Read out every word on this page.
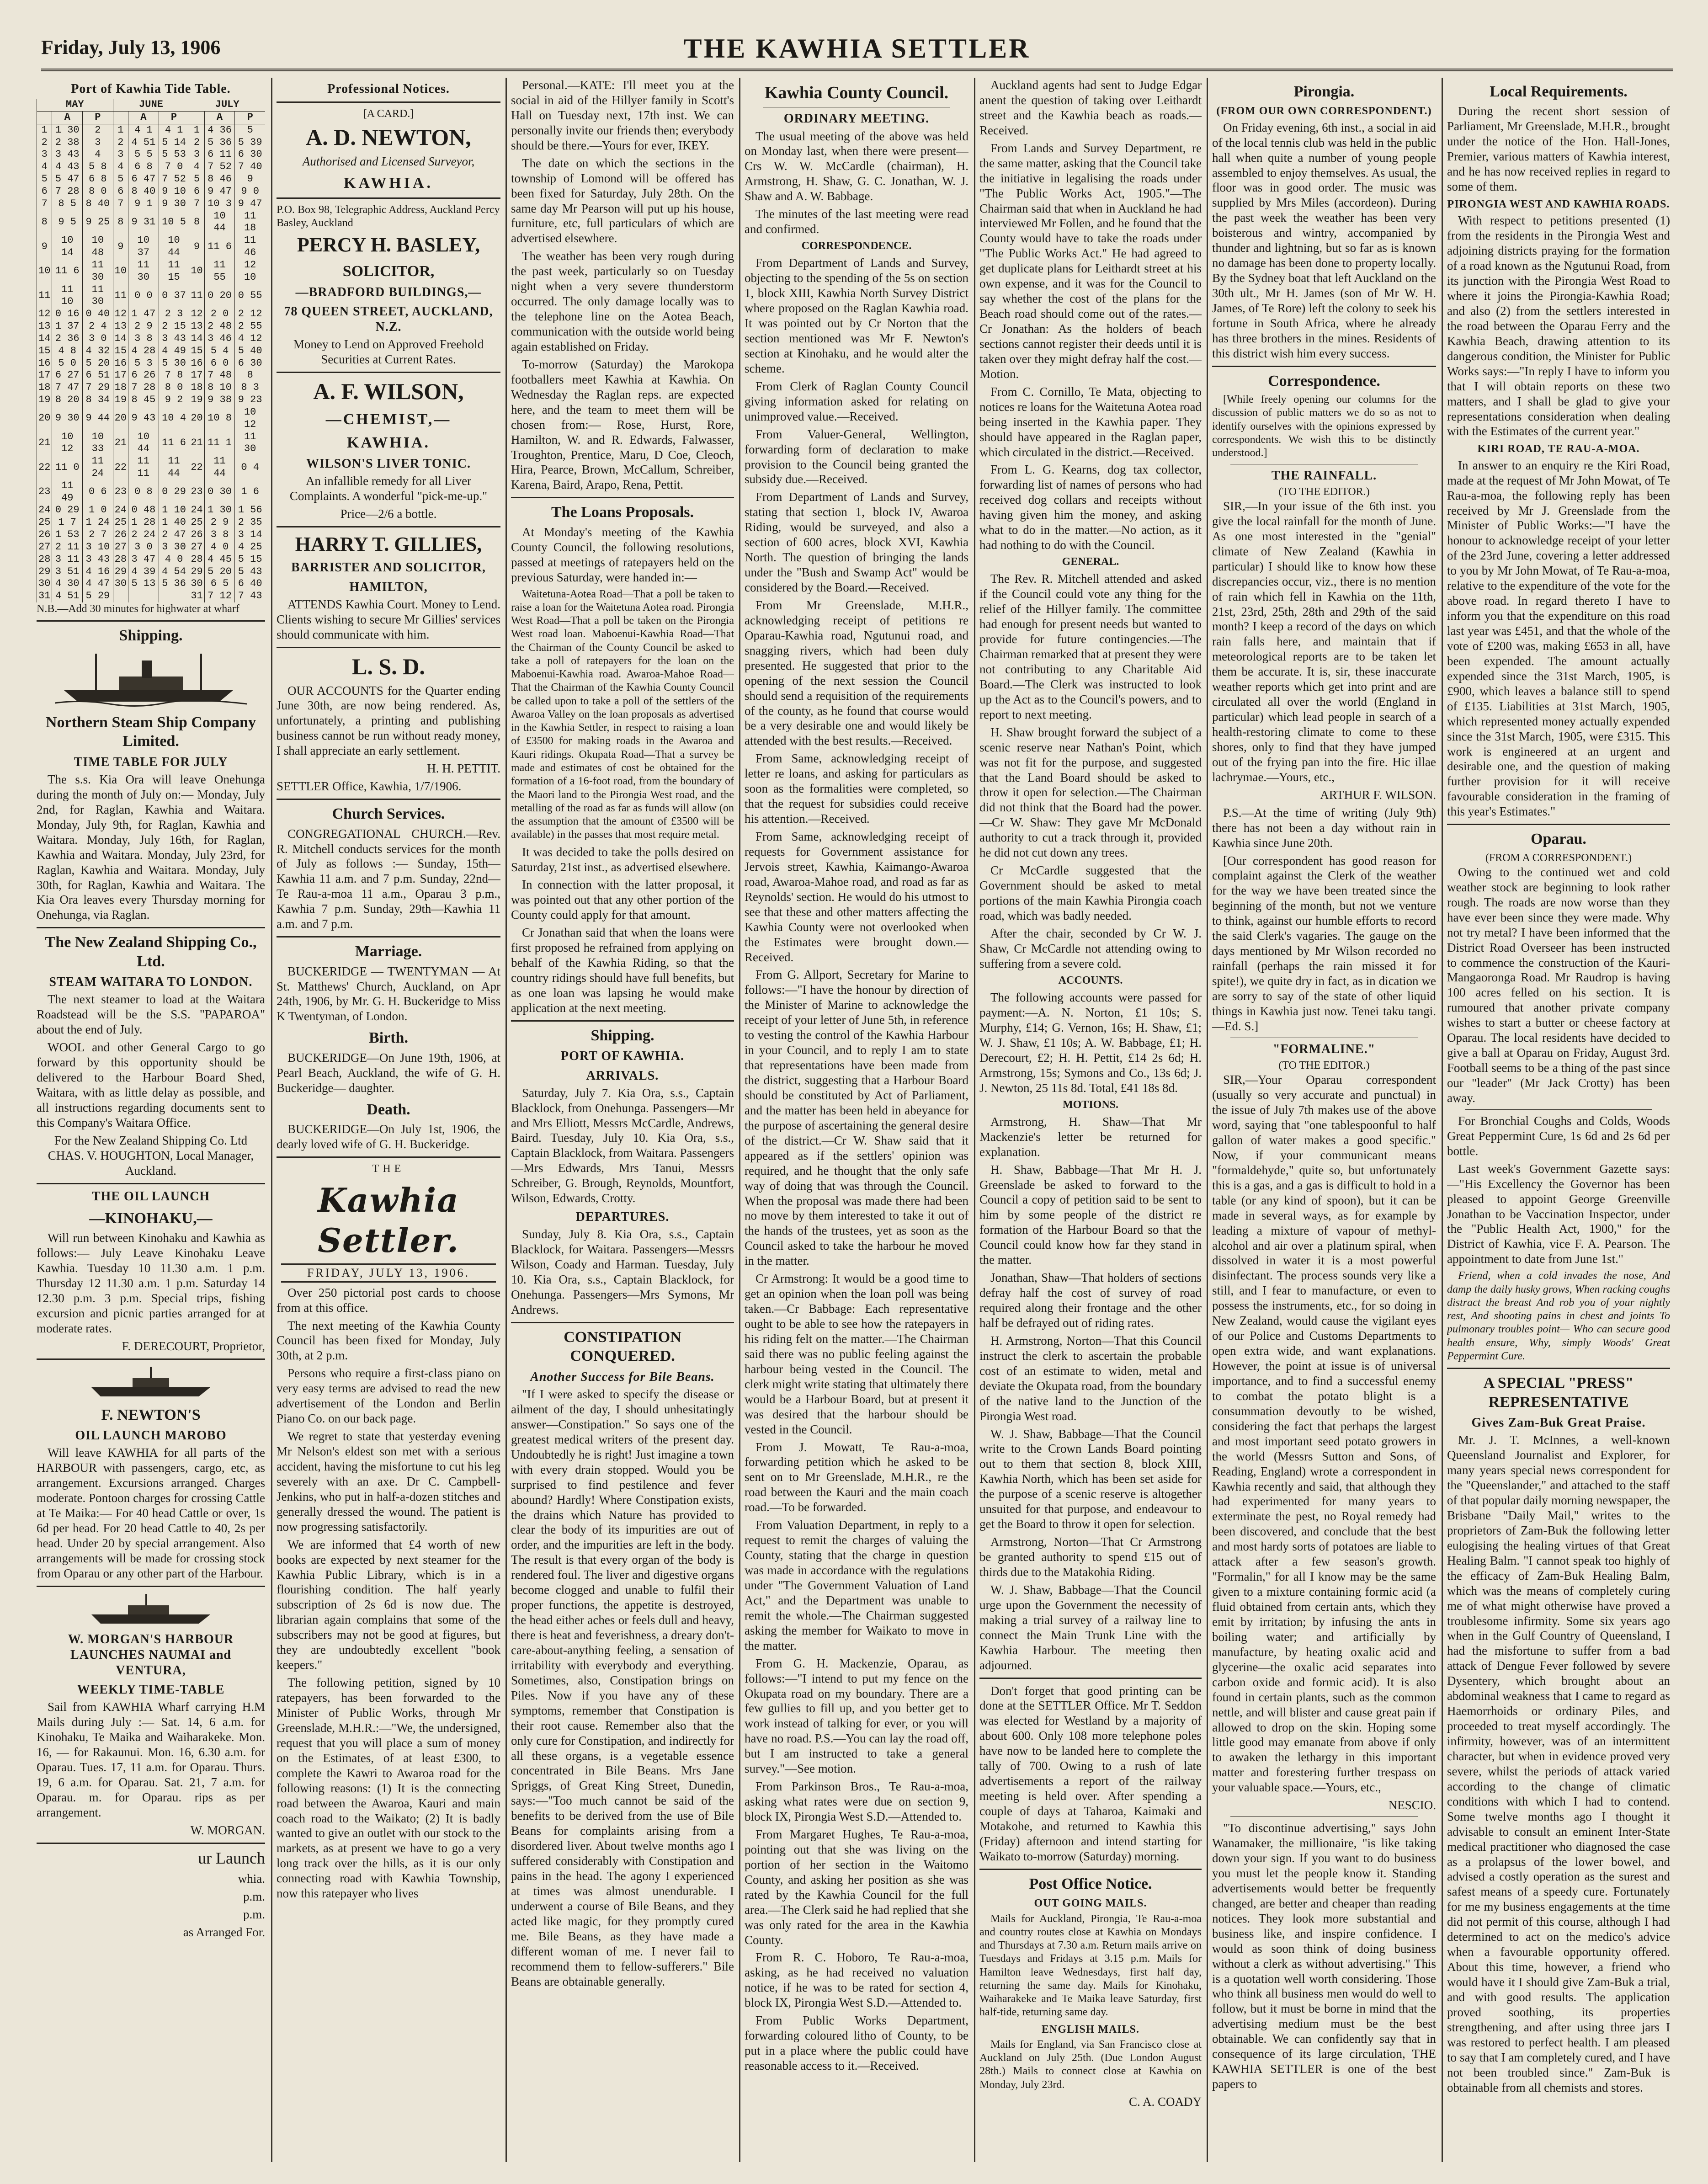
Friday, July 13, 1906	THE KAWHIA SETTLER
Port of Kawhia Tide Table.
MAY			JUNE			JULY		
	A	P		A	P		A	P
1	1 30	2	1	4 1	4 1	1	4 36	5
2	2 38	3	2	4 51	5 14	2	5 36	5 39
3	3 43	4	3	5 5	5 53	3	6 11	6 30
4	4 43	5 8	4	6 8	7 0	4	7 52	7 40
5	5 47	6 8	5	6 47	7 52	5	8 46	9
6	7 28	8 0	6	8 40	9 10	6	9 47	9 0
7	8 5	8 40	7	9 1	9 30	7	10 3	9 47
8	9 5	9 25	8	9 31	10 5	8	10 44	11 18
9	10 14	10 48	9	10 37	10 44	9	11 6	11 46
10	11 6	11 30	10	11 30	11 15	10	11 55	12 10
11	11 10	11 30	11	0 0	0 37	11	0 20	0 55
12	0 16	0 40	12	1 47	2 3	12	2 0	2 12
13	1 37	2 4	13	2 9	2 15	13	2 48	2 55
14	2 36	3 0	14	3 8	3 43	14	3 46	4 12
15	4 8	4 32	15	4 28	4 49	15	5 4	5 40
16	5 0	5 20	16	5 3	5 30	16	6 0	6 30
17	6 27	6 51	17	6 26	7 8	17	7 48	8
18	7 47	7 29	18	7 28	8 0	18	8 10	8 3
19	8 20	8 34	19	8 45	9 2	19	9 38	9 23
20	9 30	9 44	20	9 43	10 4	20	10 8	10 12
21	10 12	10 33	21	10 44	11 6	21	11 1	11 30
22	11 0	11 24	22	11 11	11 44	22	11 44	0 4
23	11 49	0 6	23	0 8	0 29	23	0 30	1 6
24	0 29	1 0	24	0 48	1 10	24	1 30	1 56
25	1 7	1 24	25	1 28	1 40	25	2 9	2 35
26	1 53	2 7	26	2 24	2 47	26	3 8	3 14
27	2 11	3 10	27	3 0	3 30	27	4 0	4 25
28	3 11	3 43	28	3 47	4 0	28	4 45	5 15
29	3 51	4 16	29	4 39	4 54	29	5 20	5 43
30	4 30	4 47	30	5 13	5 36	30	6 5	6 40
31	4 51	5 29				31	7 12	7 43
N.B.—Add 30 minutes for highwater at wharf
Shipping.
Northern Steam Ship Company Limited.
TIME TABLE FOR JULY

The s.s. Kia Ora will leave Onehunga during the month of July on:— Monday, July 2nd, for Raglan, Kawhia and Waitara. Monday, July 9th, for Raglan, Kawhia and Waitara. Monday, July 16th, for Raglan, Kawhia and Waitara. Monday, July 23rd, for Raglan, Kawhia and Waitara. Monday, July 30th, for Raglan, Kawhia and Waitara. The Kia Ora leaves every Thursday morning for Onehunga, via Raglan.

The New Zealand Shipping Co., Ltd.
STEAM WAITARA TO LONDON.

The next steamer to load at the Waitara Roadstead will be the S.S. "PAPAROA" about the end of July.

WOOL and other General Cargo to go forward by this opportunity should be delivered to the Harbour Board Shed, Waitara, with as little delay as possible, and all instructions regarding documents sent to this Company's Waitara Office.

For the New Zealand Shipping Co. Ltd CHAS. V. HOUGHTON, Local Manager, Auckland.

THE OIL LAUNCH
—KINOHAKU,—

Will run between Kinohaku and Kawhia as follows:— July Leave Kinohaku Leave Kawhia. Tuesday 10 11.30 a.m. 1 p.m. Thursday 12 11.30 a.m. 1 p.m. Saturday 14 12.30 p.m. 3 p.m. Special trips, fishing excursion and picnic parties arranged for at moderate rates.

F. DERECOURT, Proprietor,

F. NEWTON'S
OIL LAUNCH MAROBO

Will leave KAWHIA for all parts of the HARBOUR with passengers, cargo, etc, as arrangement. Excursions arranged. Charges moderate. Pontoon charges for crossing Cattle at Te Maika:— For 40 head Cattle or over, 1s 6d per head. For 20 head Cattle to 40, 2s per head. Under 20 by special arrangement. Also arrangements will be made for crossing stock from Oparau or any other part of the Harbour.

W. MORGAN'S HARBOUR LAUNCHES NAUMAI and VENTURA,
WEEKLY TIME-TABLE

Sail from KAWHIA Wharf carrying H.M Mails during July :— Sat. 14, 6 a.m. for Kinohaku, Te Maika and Waiharakeke. Mon. 16, — for Rakaunui. Mon. 16, 6.30 a.m. for Oparau. Tues. 17, 11 a.m. for Oparau. Thurs. 19, 6 a.m. for Oparau. Sat. 21, 7 a.m. for Oparau. m. for Oparau. rips as per arrangement.

W. MORGAN.

ur Launch

whia.

p.m.

p.m.

as Arranged For.

Professional Notices.
[A CARD.]
A. D. NEWTON,
Authorised and Licensed Surveyor,
KAWHIA.
P.O. Box 98, Telegraphic Address, Auckland Percy Basley, Auckland
PERCY H. BASLEY,
SOLICITOR,
—BRADFORD BUILDINGS,—
78 QUEEN STREET, AUCKLAND, N.Z.

Money to Lend on Approved Freehold Securities at Current Rates.

A. F. WILSON,
—CHEMIST,—
KAWHIA.
WILSON'S LIVER TONIC.

An infallible remedy for all Liver Complaints. A wonderful "pick-me-up."

Price—2/6 a bottle.
HARRY T. GILLIES,
BARRISTER AND SOLICITOR,
HAMILTON,

ATTENDS Kawhia Court. Money to Lend. Clients wishing to secure Mr Gillies' services should communicate with him.

L. S. D.

OUR ACCOUNTS for the Quarter ending June 30th, are now being rendered. As, unfortunately, a printing and publishing business cannot be run without ready money, I shall appreciate an early settlement.

H. H. PETTIT.

SETTLER Office, Kawhia, 1/7/1906.

Church Services.

CONGREGATIONAL CHURCH.—Rev. R. Mitchell conducts services for the month of July as follows :— Sunday, 15th—Kawhia 11 a.m. and 7 p.m. Sunday, 22nd—Te Rau-a-moa 11 a.m., Oparau 3 p.m., Kawhia 7 p.m. Sunday, 29th—Kawhia 11 a.m. and 7 p.m.

Marriage.

BUCKERIDGE — TWENTYMAN — At St. Matthews' Church, Auckland, on Apr 24th, 1906, by Mr. G. H. Buckeridge to Miss K Twentyman, of London.

Birth.

BUCKERIDGE—On June 19th, 1906, at Pearl Beach, Auckland, the wife of G. H. Buckeridge— daughter.

Death.

BUCKERIDGE—On July 1st, 1906, the dearly loved wife of G. H. Buckeridge.

THE
Kawhia Settler.
FRIDAY, JULY 13, 1906.

Over 250 pictorial post cards to choose from at this office.

The next meeting of the Kawhia County Council has been fixed for Monday, July 30th, at 2 p.m.

Persons who require a first-class piano on very easy terms are advised to read the new advertisement of the London and Berlin Piano Co. on our back page.

We regret to state that yesterday evening Mr Nelson's eldest son met with a serious accident, having the misfortune to cut his leg severely with an axe. Dr C. Campbell-Jenkins, who put in half-a-dozen stitches and generally dressed the wound. The patient is now progressing satisfactorily.

We are informed that £4 worth of new books are expected by next steamer for the Kawhia Public Library, which is in a flourishing condition. The half yearly subscription of 2s 6d is now due. The librarian again complains that some of the subscribers may not be good at figures, but they are undoubtedly excellent "book keepers."

The following petition, signed by 10 ratepayers, has been forwarded to the Minister of Public Works, through Mr Greenslade, M.H.R.:—"We, the undersigned, request that you will place a sum of money on the Estimates, of at least £300, to complete the Kawri to Awaroa road for the following reasons: (1) It is the connecting road between the Awaroa, Kauri and main coach road to the Waikato; (2) It is badly wanted to give an outlet with our stock to the markets, as at present we have to go a very long track over the hills, as it is our only connecting road with Kawhia Township, now this ratepayer who lives

Personal.—KATE: I'll meet you at the social in aid of the Hillyer family in Scott's Hall on Tuesday next, 17th inst. We can personally invite our friends then; everybody should be there.—Yours for ever, IKEY.

The date on which the sections in the township of Lomond will be offered has been fixed for Saturday, July 28th. On the same day Mr Pearson will put up his house, furniture, etc, full particulars of which are advertised elsewhere.

The weather has been very rough during the past week, particularly so on Tuesday night when a very severe thunderstorm occurred. The only damage locally was to the telephone line on the Aotea Beach, communication with the outside world being again established on Friday.

To-morrow (Saturday) the Marokopa footballers meet Kawhia at Kawhia. On Wednesday the Raglan reps. are expected here, and the team to meet them will be chosen from:— Rose, Hurst, Rore, Hamilton, W. and R. Edwards, Falwasser, Troughton, Prentice, Maru, D Coe, Cleoch, Hira, Pearce, Brown, McCallum, Schreiber, Karena, Baird, Arapo, Rena, Pettit.

The Loans Proposals.

At Monday's meeting of the Kawhia County Council, the following resolutions, passed at meetings of ratepayers held on the previous Saturday, were handed in:—

Waitetuna-Aotea Road—That a poll be taken to raise a loan for the Waitetuna Aotea road. Pirongia West Road—That a poll be taken on the Pirongia West road loan. Maboenui-Kawhia Road—That the Chairman of the County Council be asked to take a poll of ratepayers for the loan on the Maboenui-Kawhia road. Awaroa-Mahoe Road—That the Chairman of the Kawhia County Council be called upon to take a poll of the settlers of the Awaroa Valley on the loan proposals as advertised in the Kawhia Settler, in respect to raising a loan of £3500 for making roads in the Awaroa and Kauri ridings. Okupata Road—That a survey be made and estimates of cost be obtained for the formation of a 16-foot road, from the boundary of the Maori land to the Pirongia West road, and the metalling of the road as far as funds will allow (on the assumption that the amount of £3500 will be available) in the passes that most require metal.

It was decided to take the polls desired on Saturday, 21st inst., as advertised elsewhere.

In connection with the latter proposal, it was pointed out that any other portion of the County could apply for that amount.

Cr Jonathan said that when the loans were first proposed he refrained from applying on behalf of the Kawhia Riding, so that the country ridings should have full benefits, but as one loan was lapsing he would make application at the next meeting.

Shipping.
PORT OF KAWHIA.
ARRIVALS.

Saturday, July 7. Kia Ora, s.s., Captain Blacklock, from Onehunga. Passengers—Mr and Mrs Elliott, Messrs McCardle, Andrews, Baird. Tuesday, July 10. Kia Ora, s.s., Captain Blacklock, from Waitara. Passengers—Mrs Edwards, Mrs Tanui, Messrs Schreiber, G. Brough, Reynolds, Mountfort, Wilson, Edwards, Crotty.

DEPARTURES.

Sunday, July 8. Kia Ora, s.s., Captain Blacklock, for Waitara. Passengers—Messrs Wilson, Coady and Harman. Tuesday, July 10. Kia Ora, s.s., Captain Blacklock, for Onehunga. Passengers—Mrs Symons, Mr Andrews.

CONSTIPATION CONQUERED.
Another Success for Bile Beans.

"If I were asked to specify the disease or ailment of the day, I should unhesitatingly answer—Constipation." So says one of the greatest medical writers of the present day. Undoubtedly he is right! Just imagine a town with every drain stopped. Would you be surprised to find pestilence and fever abound? Hardly! Where Constipation exists, the drains which Nature has provided to clear the body of its impurities are out of order, and the impurities are left in the body. The result is that every organ of the body is rendered foul. The liver and digestive organs become clogged and unable to fulfil their proper functions, the appetite is destroyed, the head either aches or feels dull and heavy, there is heat and feverishness, a dreary don't-care-about-anything feeling, a sensation of irritability with everybody and everything. Sometimes, also, Constipation brings on Piles. Now if you have any of these symptoms, remember that Constipation is their root cause. Remember also that the only cure for Constipation, and indirectly for all these organs, is a vegetable essence concentrated in Bile Beans. Mrs Jane Spriggs, of Great King Street, Dunedin, says:—"Too much cannot be said of the benefits to be derived from the use of Bile Beans for complaints arising from a disordered liver. About twelve months ago I suffered considerably with Constipation and pains in the head. The agony I experienced at times was almost unendurable. I underwent a course of Bile Beans, and they acted like magic, for they promptly cured me. Bile Beans, as they have made a different woman of me. I never fail to recommend them to fellow-sufferers." Bile Beans are obtainable generally.

Kawhia County Council.
ORDINARY MEETING.

The usual meeting of the above was held on Monday last, when there were present—Crs W. W. McCardle (chairman), H. Armstrong, H. Shaw, G. C. Jonathan, W. J. Shaw and A. W. Babbage.

The minutes of the last meeting were read and confirmed.

CORRESPONDENCE.

From Department of Lands and Survey, objecting to the spending of the 5s on section 1, block XIII, Kawhia North Survey District where proposed on the Raglan Kawhia road. It was pointed out by Cr Norton that the section mentioned was Mr F. Newton's section at Kinohaku, and he would alter the scheme.

From Clerk of Raglan County Council giving information asked for relating on unimproved value.—Received.

From Valuer-General, Wellington, forwarding form of declaration to make provision to the Council being granted the subsidy due.—Received.

From Department of Lands and Survey, stating that section 1, block IV, Awaroa Riding, would be surveyed, and also a section of 600 acres, block XVI, Kawhia North. The question of bringing the lands under the "Bush and Swamp Act" would be considered by the Board.—Received.

From Mr Greenslade, M.H.R., acknowledging receipt of petitions re Oparau-Kawhia road, Ngutunui road, and snagging rivers, which had been duly presented. He suggested that prior to the opening of the next session the Council should send a requisition of the requirements of the county, as he found that course would be a very desirable one and would likely be attended with the best results.—Received.

From Same, acknowledging receipt of letter re loans, and asking for particulars as soon as the formalities were completed, so that the request for subsidies could receive his attention.—Received.

From Same, acknowledging receipt of requests for Government assistance for Jervois street, Kawhia, Kaimango-Awaroa road, Awaroa-Mahoe road, and road as far as Reynolds' section. He would do his utmost to see that these and other matters affecting the Kawhia County were not overlooked when the Estimates were brought down.—Received.

From G. Allport, Secretary for Marine to follows:—"I have the honour by direction of the Minister of Marine to acknowledge the receipt of your letter of June 5th, in reference to vesting the control of the Kawhia Harbour in your Council, and to reply I am to state that representations have been made from the district, suggesting that a Harbour Board should be constituted by Act of Parliament, and the matter has been held in abeyance for the purpose of ascertaining the general desire of the district.—Cr W. Shaw said that it appeared as if the settlers' opinion was required, and he thought that the only safe way of doing that was through the Council. When the proposal was made there had been no move by them interested to take it out of the hands of the trustees, yet as soon as the Council asked to take the harbour he moved in the matter.

Cr Armstrong: It would be a good time to get an opinion when the loan poll was being taken.—Cr Babbage: Each representative ought to be able to see how the ratepayers in his riding felt on the matter.—The Chairman said there was no public feeling against the harbour being vested in the Council. The clerk might write stating that ultimately there would be a Harbour Board, but at present it was desired that the harbour should be vested in the Council.

From J. Mowatt, Te Rau-a-moa, forwarding petition which he asked to be sent on to Mr Greenslade, M.H.R., re the road between the Kauri and the main coach road.—To be forwarded.

From Valuation Department, in reply to a request to remit the charges of valuing the County, stating that the charge in question was made in accordance with the regulations under "The Government Valuation of Land Act," and the Department was unable to remit the whole.—The Chairman suggested asking the member for Waikato to move in the matter.

From G. H. Mackenzie, Oparau, as follows:—"I intend to put my fence on the Okupata road on my boundary. There are a few gullies to fill up, and you better get to work instead of talking for ever, or you will have no road. P.S.—You can lay the road off, but I am instructed to take a general survey."—See motion.

From Parkinson Bros., Te Rau-a-moa, asking what rates were due on section 9, block IX, Pirongia West S.D.—Attended to.

From Margaret Hughes, Te Rau-a-moa, pointing out that she was living on the portion of her section in the Waitomo County, and asking her position as she was rated by the Kawhia Council for the full area.—The Clerk said he had replied that she was only rated for the area in the Kawhia County.

From R. C. Hoboro, Te Rau-a-moa, asking, as he had received no valuation notice, if he was to be rated for section 4, block IX, Pirongia West S.D.—Attended to.

From Public Works Department, forwarding coloured litho of County, to be put in a place where the public could have reasonable access to it.—Received.

Auckland agents had sent to Judge Edgar anent the question of taking over Leithardt street and the Kawhia beach as roads.—Received.

From Lands and Survey Department, re the same matter, asking that the Council take the initiative in legalising the roads under "The Public Works Act, 1905."—The Chairman said that when in Auckland he had interviewed Mr Follen, and he found that the County would have to take the roads under "The Public Works Act." He had agreed to get duplicate plans for Leithardt street at his own expense, and it was for the Council to say whether the cost of the plans for the Beach road should come out of the rates.—Cr Jonathan: As the holders of beach sections cannot register their deeds until it is taken over they might defray half the cost.—Motion.

From C. Cornillo, Te Mata, objecting to notices re loans for the Waitetuna Aotea road being inserted in the Kawhia paper. They should have appeared in the Raglan paper, which circulated in the district.—Received.

From L. G. Kearns, dog tax collector, forwarding list of names of persons who had received dog collars and receipts without having given him the money, and asking what to do in the matter.—No action, as it had nothing to do with the Council.

GENERAL.

The Rev. R. Mitchell attended and asked if the Council could vote any thing for the relief of the Hillyer family. The committee had enough for present needs but wanted to provide for future contingencies.—The Chairman remarked that at present they were not contributing to any Charitable Aid Board.—The Clerk was instructed to look up the Act as to the Council's powers, and to report to next meeting.

H. Shaw brought forward the subject of a scenic reserve near Nathan's Point, which was not fit for the purpose, and suggested that the Land Board should be asked to throw it open for selection.—The Chairman did not think that the Board had the power.—Cr W. Shaw: They gave Mr McDonald authority to cut a track through it, provided he did not cut down any trees.

Cr McCardle suggested that the Government should be asked to metal portions of the main Kawhia Pirongia coach road, which was badly needed.

After the chair, seconded by Cr W. J. Shaw, Cr McCardle not attending owing to suffering from a severe cold.

ACCOUNTS.

The following accounts were passed for payment:—A. N. Norton, £1 10s; S. Murphy, £14; G. Vernon, 16s; H. Shaw, £1; W. J. Shaw, £1 10s; A. W. Babbage, £1; H. Derecourt, £2; H. H. Pettit, £14 2s 6d; H. Armstrong, 15s; Symons and Co., 13s 6d; J. J. Newton, 25 11s 8d. Total, £41 18s 8d.

MOTIONS.

Armstrong, H. Shaw—That Mr Mackenzie's letter be returned for explanation.

H. Shaw, Babbage—That Mr H. J. Greenslade be asked to forward to the Council a copy of petition said to be sent to him by some people of the district re formation of the Harbour Board so that the Council could know how far they stand in the matter.

Jonathan, Shaw—That holders of sections defray half the cost of survey of road required along their frontage and the other half be defrayed out of riding rates.

H. Armstrong, Norton—That this Council instruct the clerk to ascertain the probable cost of an estimate to widen, metal and deviate the Okupata road, from the boundary of the native land to the Junction of the Pirongia West road.

W. J. Shaw, Babbage—That the Council write to the Crown Lands Board pointing out to them that section 8, block XIII, Kawhia North, which has been set aside for the purpose of a scenic reserve is altogether unsuited for that purpose, and endeavour to get the Board to throw it open for selection.

Armstrong, Norton—That Cr Armstrong be granted authority to spend £15 out of thirds due to the Matakohia Riding.

W. J. Shaw, Babbage—That the Council urge upon the Government the necessity of making a trial survey of a railway line to connect the Main Trunk Line with the Kawhia Harbour. The meeting then adjourned.

Don't forget that good printing can be done at the SETTLER Office. Mr T. Seddon was elected for Westland by a majority of about 600. Only 108 more telephone poles have now to be landed here to complete the tally of 700. Owing to a rush of late advertisements a report of the railway meeting is held over. After spending a couple of days at Taharoa, Kaimaki and Motakohe, and returned to Kawhia this (Friday) afternoon and intend starting for Waikato to-morrow (Saturday) morning.

Post Office Notice.
OUT GOING MAILS.

Mails for Auckland, Pirongia, Te Rau-a-moa and country routes close at Kawhia on Mondays and Thursdays at 7.30 a.m. Return mails arrive on Tuesdays and Fridays at 3.15 p.m. Mails for Hamilton leave Wednesdays, first half day, returning the same day. Mails for Kinohaku, Waiharakeke and Te Maika leave Saturday, first half-tide, returning same day.

ENGLISH MAILS.

Mails for England, via San Francisco close at Auckland on July 25th. (Due London August 28th.) Mails to connect close at Kawhia on Monday, July 23rd.

C. A. COADY

Pirongia.
(FROM OUR OWN CORRESPONDENT.)

On Friday evening, 6th inst., a social in aid of the local tennis club was held in the public hall when quite a number of young people assembled to enjoy themselves. As usual, the floor was in good order. The music was supplied by Mrs Miles (accordeon). During the past week the weather has been very boisterous and wintry, accompanied by thunder and lightning, but so far as is known no damage has been done to property locally. By the Sydney boat that left Auckland on the 30th ult., Mr H. James (son of Mr W. H. James, of Te Rore) left the colony to seek his fortune in South Africa, where he already has three brothers in the mines. Residents of this district wish him every success.

Correspondence.

[While freely opening our columns for the discussion of public matters we do so as not to identify ourselves with the opinions expressed by correspondents. We wish this to be distinctly understood.]

THE RAINFALL.
(TO THE EDITOR.)

SIR,—In your issue of the 6th inst. you give the local rainfall for the month of June. As one most interested in the "genial" climate of New Zealand (Kawhia in particular) I should like to know how these discrepancies occur, viz., there is no mention of rain which fell in Kawhia on the 11th, 21st, 23rd, 25th, 28th and 29th of the said month? I keep a record of the days on which rain falls here, and maintain that if meteorological reports are to be taken let them be accurate. It is, sir, these inaccurate weather reports which get into print and are circulated all over the world (England in particular) which lead people in search of a health-restoring climate to come to these shores, only to find that they have jumped out of the frying pan into the fire. Hic illae lachrymae.—Yours, etc.,

ARTHUR F. WILSON.

P.S.—At the time of writing (July 9th) there has not been a day without rain in Kawhia since June 20th.

[Our correspondent has good reason for complaint against the Clerk of the weather for the way we have been treated since the beginning of the month, but not we venture to think, against our humble efforts to record the said Clerk's vagaries. The gauge on the days mentioned by Mr Wilson recorded no rainfall (perhaps the rain missed it for spite!), we quite dry in fact, as in dication we are sorry to say of the state of other liquid things in Kawhia just now. Tenei taku tangi.—Ed. S.]

"FORMALINE."
(TO THE EDITOR.)

SIR,—Your Oparau correspondent (usually so very accurate and punctual) in the issue of July 7th makes use of the above word, saying that "one tablespoonful to half gallon of water makes a good specific." Now, if your communicant means "formaldehyde," quite so, but unfortunately this is a gas, and a gas is difficult to hold in a table (or any kind of spoon), but it can be made in several ways, as for example by leading a mixture of vapour of methyl-alcohol and air over a platinum spiral, when dissolved in water it is a most powerful disinfectant. The process sounds very like a still, and I fear to manufacture, or even to possess the instruments, etc., for so doing in New Zealand, would cause the vigilant eyes of our Police and Customs Departments to open extra wide, and want explanations. However, the point at issue is of universal importance, and to find a successful enemy to combat the potato blight is a consummation devoutly to be wished, considering the fact that perhaps the largest and most important seed potato growers in the world (Messrs Sutton and Sons, of Reading, England) wrote a correspondent in Kawhia recently and said, that although they had experimented for many years to exterminate the pest, no Royal remedy had been discovered, and conclude that the best and most hardy sorts of potatoes are liable to attack after a few season's growth. "Formalin," for all I know may be the same given to a mixture containing formic acid (a fluid obtained from certain ants, which they emit by irritation; by infusing the ants in boiling water; and artificially by manufacture, by heating oxalic acid and glycerine—the oxalic acid separates into carbon oxide and formic acid). It is also found in certain plants, such as the common nettle, and will blister and cause great pain if allowed to drop on the skin. Hoping some little good may emanate from above if only to awaken the lethargy in this important matter and forestering further trespass on your valuable space.—Yours, etc.,

NESCIO.

"To discontinue advertising," says John Wanamaker, the millionaire, "is like taking down your sign. If you want to do business you must let the people know it. Standing advertisements would better be frequently changed, are better and cheaper than reading notices. They look more substantial and business like, and inspire confidence. I would as soon think of doing business without a clerk as without advertising." This is a quotation well worth considering. Those who think all business men would do well to follow, but it must be borne in mind that the advertising medium must be the best obtainable. We can confidently say that in consequence of its large circulation, THE KAWHIA SETTLER is one of the best papers to

Local Requirements.

During the recent short session of Parliament, Mr Greenslade, M.H.R., brought under the notice of the Hon. Hall-Jones, Premier, various matters of Kawhia interest, and he has now received replies in regard to some of them.

PIRONGIA WEST AND KAWHIA ROADS.

With respect to petitions presented (1) from the residents in the Pirongia West and adjoining districts praying for the formation of a road known as the Ngutunui Road, from its junction with the Pirongia West Road to where it joins the Pirongia-Kawhia Road; and also (2) from the settlers interested in the road between the Oparau Ferry and the Kawhia Beach, drawing attention to its dangerous condition, the Minister for Public Works says:—"In reply I have to inform you that I will obtain reports on these two matters, and I shall be glad to give your representations consideration when dealing with the Estimates of the current year."

KIRI ROAD, TE RAU-A-MOA.

In answer to an enquiry re the Kiri Road, made at the request of Mr John Mowat, of Te Rau-a-moa, the following reply has been received by Mr J. Greenslade from the Minister of Public Works:—"I have the honour to acknowledge receipt of your letter of the 23rd June, covering a letter addressed to you by Mr John Mowat, of Te Rau-a-moa, relative to the expenditure of the vote for the above road. In regard thereto I have to inform you that the expenditure on this road last year was £451, and that the whole of the vote of £200 was, making £653 in all, have been expended. The amount actually expended since the 31st March, 1905, is £900, which leaves a balance still to spend of £135. Liabilities at 31st March, 1905, which represented money actually expended since the 31st March, 1905, were £315. This work is engineered at an urgent and desirable one, and the question of making further provision for it will receive favourable consideration in the framing of this year's Estimates."

Oparau.
(FROM A CORRESPONDENT.)

Owing to the continued wet and cold weather stock are beginning to look rather rough. The roads are now worse than they have ever been since they were made. Why not try metal? I have been informed that the District Road Overseer has been instructed to commence the construction of the Kauri-Mangaoronga Road. Mr Raudrop is having 100 acres felled on his section. It is rumoured that another private company wishes to start a butter or cheese factory at Oparau. The local residents have decided to give a ball at Oparau on Friday, August 3rd. Football seems to be a thing of the past since our "leader" (Mr Jack Crotty) has been away.

For Bronchial Coughs and Colds, Woods Great Peppermint Cure, 1s 6d and 2s 6d per bottle.

Last week's Government Gazette says:—"His Excellency the Governor has been pleased to appoint George Greenville Jonathan to be Vaccination Inspector, under the "Public Health Act, 1900," for the District of Kawhia, vice F. A. Pearson. The appointment to date from June 1st."

Friend, when a cold invades the nose, And damp the daily husky grows, When racking coughs distract the breast And rob you of your nightly rest, And shooting pains in chest and joints To pulmonary troubles point— Who can secure good health ensure, Why, simply Woods' Great Peppermint Cure.

A SPECIAL "PRESS" REPRESENTATIVE
Gives Zam-Buk Great Praise.

Mr. J. T. McInnes, a well-known Queensland Journalist and Explorer, for many years special news correspondent for the "Queenslander," and attached to the staff of that popular daily morning newspaper, the Brisbane "Daily Mail," writes to the proprietors of Zam-Buk the following letter eulogising the healing virtues of that Great Healing Balm. "I cannot speak too highly of the efficacy of Zam-Buk Healing Balm, which was the means of completely curing me of what might otherwise have proved a troublesome infirmity. Some six years ago when in the Gulf Country of Queensland, I had the misfortune to suffer from a bad attack of Dengue Fever followed by severe Dysentery, which brought about an abdominal weakness that I came to regard as Haemorrhoids or ordinary Piles, and proceeded to treat myself accordingly. The infirmity, however, was of an intermittent character, but when in evidence proved very severe, whilst the periods of attack varied according to the change of climatic conditions with which I had to contend. Some twelve months ago I thought it advisable to consult an eminent Inter-State medical practitioner who diagnosed the case as a prolapsus of the lower bowel, and advised a costly operation as the surest and safest means of a speedy cure. Fortunately for me my business engagements at the time did not permit of this course, although I had determined to act on the medico's advice when a favourable opportunity offered. About this time, however, a friend who would have it I should give Zam-Buk a trial, and with good results. The application proved soothing, its properties strengthening, and after using three jars I was restored to perfect health. I am pleased to say that I am completely cured, and I have not been troubled since." Zam-Buk is obtainable from all chemists and stores.
